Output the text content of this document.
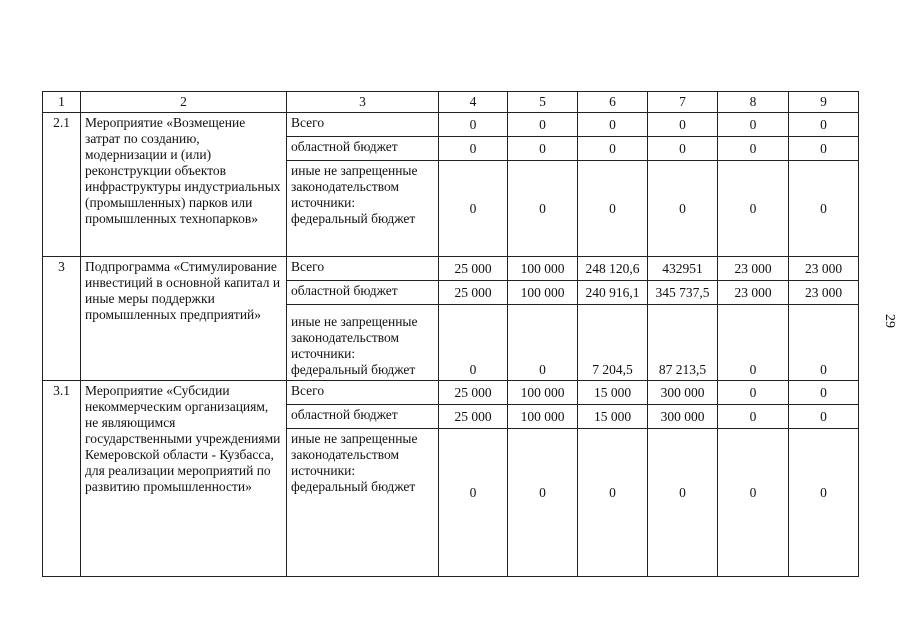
1	2	3	4	5	6	7	8	9
2.1	Мероприятие «Возмещение затрат по созданию, модернизации и (или) реконструкции объектов инфраструктуры индустриальных (промышленных) парков или промышленных технопарков»	Всего	0	0	0	0	0	0
		областной бюджет	0	0	0	0	0	0
		иные не запрещенные законодательством источники: федеральный бюджет	0	0	0	0	0	0
3	Подпрограмма «Стимулирование инвестиций в основной капитал и иные меры поддержки промышленных предприятий»	Всего	25 000	100 000	248 120,6	432951	23 000	23 000
		областной бюджет	25 000	100 000	240 916,1	345 737,5	23 000	23 000
		иные не запрещенные законодательством источники: федеральный бюджет	0	0	7 204,5	87 213,5	0	0
3.1	Мероприятие «Субсидии некоммерческим организациям, не являющимся государственными учреждениями Кемеровской области - Кузбасса, для реализации мероприятий по развитию промышленности»	Всего	25 000	100 000	15 000	300 000	0	0
		областной бюджет	25 000	100 000	15 000	300 000	0	0
		иные не запрещенные законодательством источники: федеральный бюджет	0	0	0	0	0	0
29
